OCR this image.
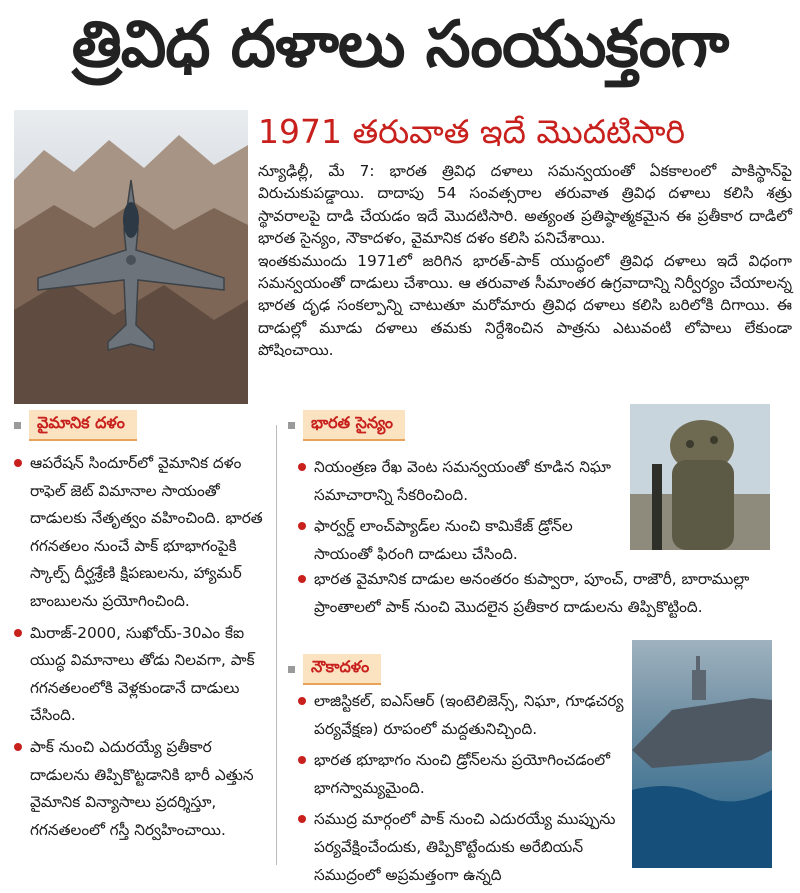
త్రివిధ దళాలు సంయుక్తంగా
1971 తరువాత ఇదే మొదటిసారి

న్యూఢిల్లీ, మే 7: భారత త్రివిధ దళాలు సమన్వయంతో ఏకకాలంలో పాకిస్థాన్‌పై విరుచుకుపడ్డాయి. దాదాపు 54 సంవత్సరాల తరువాత త్రివిధ దళాలు కలిసి శత్రు స్థావరాలపై దాడి చేయడం ఇదే మొదటిసారి. అత్యంత ప్రతిష్ఠాత్మకమైన ఈ ప్రతీకార దాడిలో భారత సైన్యం, నౌకాదళం, వైమానిక దళం కలిసి పనిచేశాయి.

ఇంతకుముందు 1971లో జరిగిన భారత్-పాక్ యుద్ధంలో త్రివిధ దళాలు ఇదే విధంగా సమన్వయంతో దాడులు చేశాయి. ఆ తరువాత సీమాంతర ఉగ్రవాదాన్ని నిర్వీర్యం చేయాలన్న భారత దృఢ సంకల్పాన్ని చాటుతూ మరోమారు త్రివిధ దళాలు కలిసి బరిలోకి దిగాయి. ఈ దాడుల్లో మూడు దళాలు తమకు నిర్దేశించిన పాత్రను ఎటువంటి లోపాలు లేకుండా పోషించాయి.

వైమానిక దళం
ఆపరేషన్ సిందూర్‌లో వైమానిక దళం రాఫెల్ జెట్ విమానాల సాయంతో దాడులకు నేతృత్వం వహించింది. భారత గగనతలం నుంచే పాక్ భూభాగంపైకి స్కాల్ప్ దీర్ఘశ్రేణి క్షిపణులను, హ్యామర్ బాంబులను ప్రయోగించింది.
మిరాజ్-2000, సుఖోయ్-30ఎం కేఐ యుద్ధ విమానాలు తోడు నిలవగా, పాక్ గగనతలంలోకి వెళ్లకుండానే దాడులు చేసింది.
పాక్ నుంచి ఎదురయ్యే ప్రతీకార దాడులను తిప్పికొట్టడానికి భారీ ఎత్తున వైమానిక విన్యాసాలు ప్రదర్శిస్తూ, గగనతలంలో గస్తీ నిర్వహించాయి.
భారత సైన్యం
నియంత్రణ రేఖ వెంట సమన్వయంతో కూడిన నిఘా సమాచారాన్ని సేకరించింది.
ఫార్వర్డ్ లాంచ్‌ప్యాడ్‌ల నుంచి కామికేజ్ డ్రోన్‌ల సాయంతో ఫిరంగి దాడులు చేసింది.
భారత వైమానిక దాడుల అనంతరం కుప్వారా, పూంచ్, రాజౌరీ, బారాముల్లా ప్రాంతాలలో పాక్ నుంచి మొదలైన ప్రతీకార దాడులను తిప్పికొట్టింది.
నౌకాదళం
లాజిస్టికల్, ఐఎస్ఆర్ (ఇంటెలిజెన్స్, నిఘా, గూఢచర్య పర్యవేక్షణ) రూపంలో మద్దతునిచ్చింది.
భారత భూభాగం నుంచి డ్రోన్‌లను ప్రయోగించడంలో భాగస్వామ్యమైంది.
సముద్ర మార్గంలో పాక్ నుంచి ఎదురయ్యే ముప్పును పర్యవేక్షించేందుకు, తిప్పికొట్టేందుకు అరేబియన్ సముద్రంలో అప్రమత్తంగా ఉన్నది
